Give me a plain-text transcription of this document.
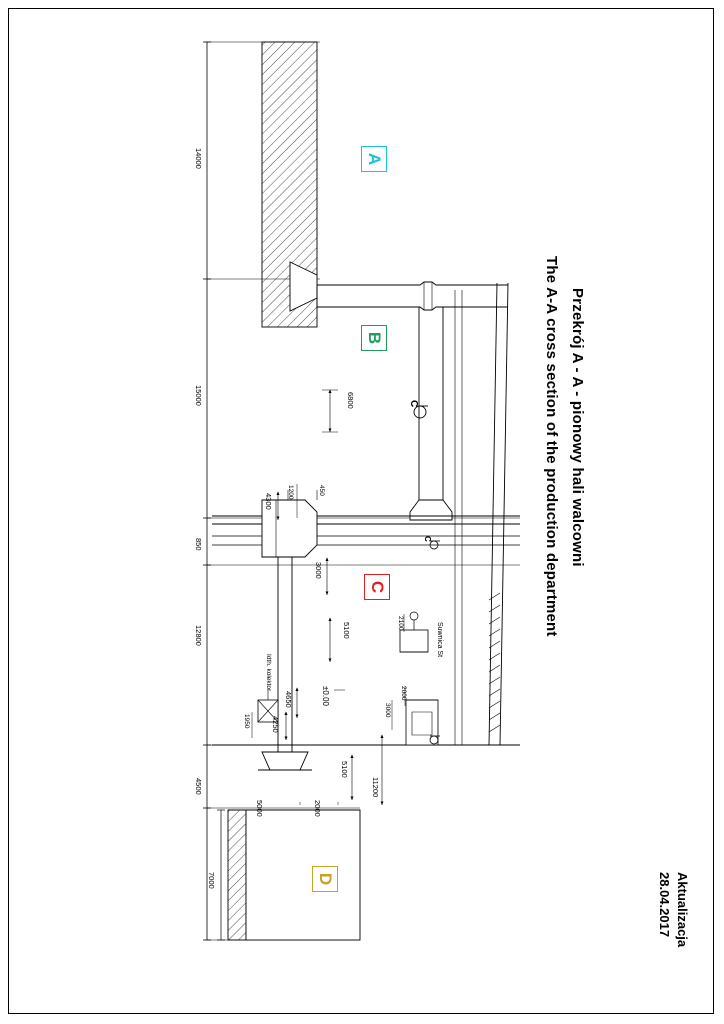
A
B
C
D
14000
15000
850
12800
4500
7000
6800
4300
1200	450
3000
5100	2100
2000
3000
4650
4250
1950
5100
11200
5000	2000
±0.00
Suwnica St
Idth. kolektor
C
C	Przekrój A - A - pionowy hali walcowni
The A-A cross section of the production department
Aktualizacja
28.04.2017
